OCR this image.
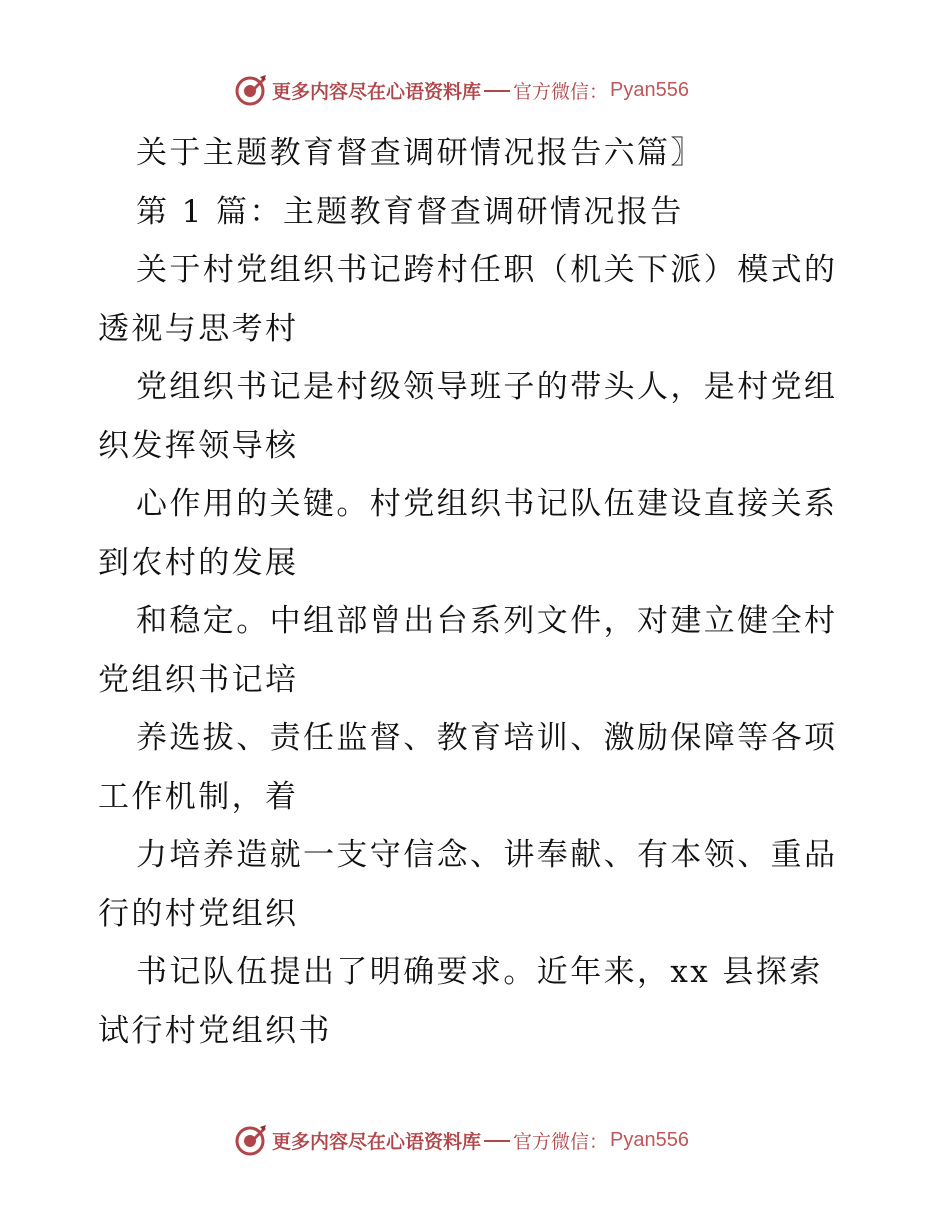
更多内容尽在心语资料库 官方微信： Pyan556
关于主题教育督查调研情况报告六篇〗
第 1 篇：主题教育督查调研情况报告
关于村党组织书记跨村任职（机关下派）模式的
透视与思考村
党组织书记是村级领导班子的带头人，是村党组
织发挥领导核
心作用的关键。村党组织书记队伍建设直接关系
到农村的发展
和稳定。中组部曾出台系列文件，对建立健全村
党组织书记培
养选拔、责任监督、教育培训、激励保障等各项
工作机制，着
力培养造就一支守信念、讲奉献、有本领、重品
行的村党组织
书记队伍提出了明确要求。近年来，xx 县探索
试行村党组织书
更多内容尽在心语资料库 官方微信： Pyan556
